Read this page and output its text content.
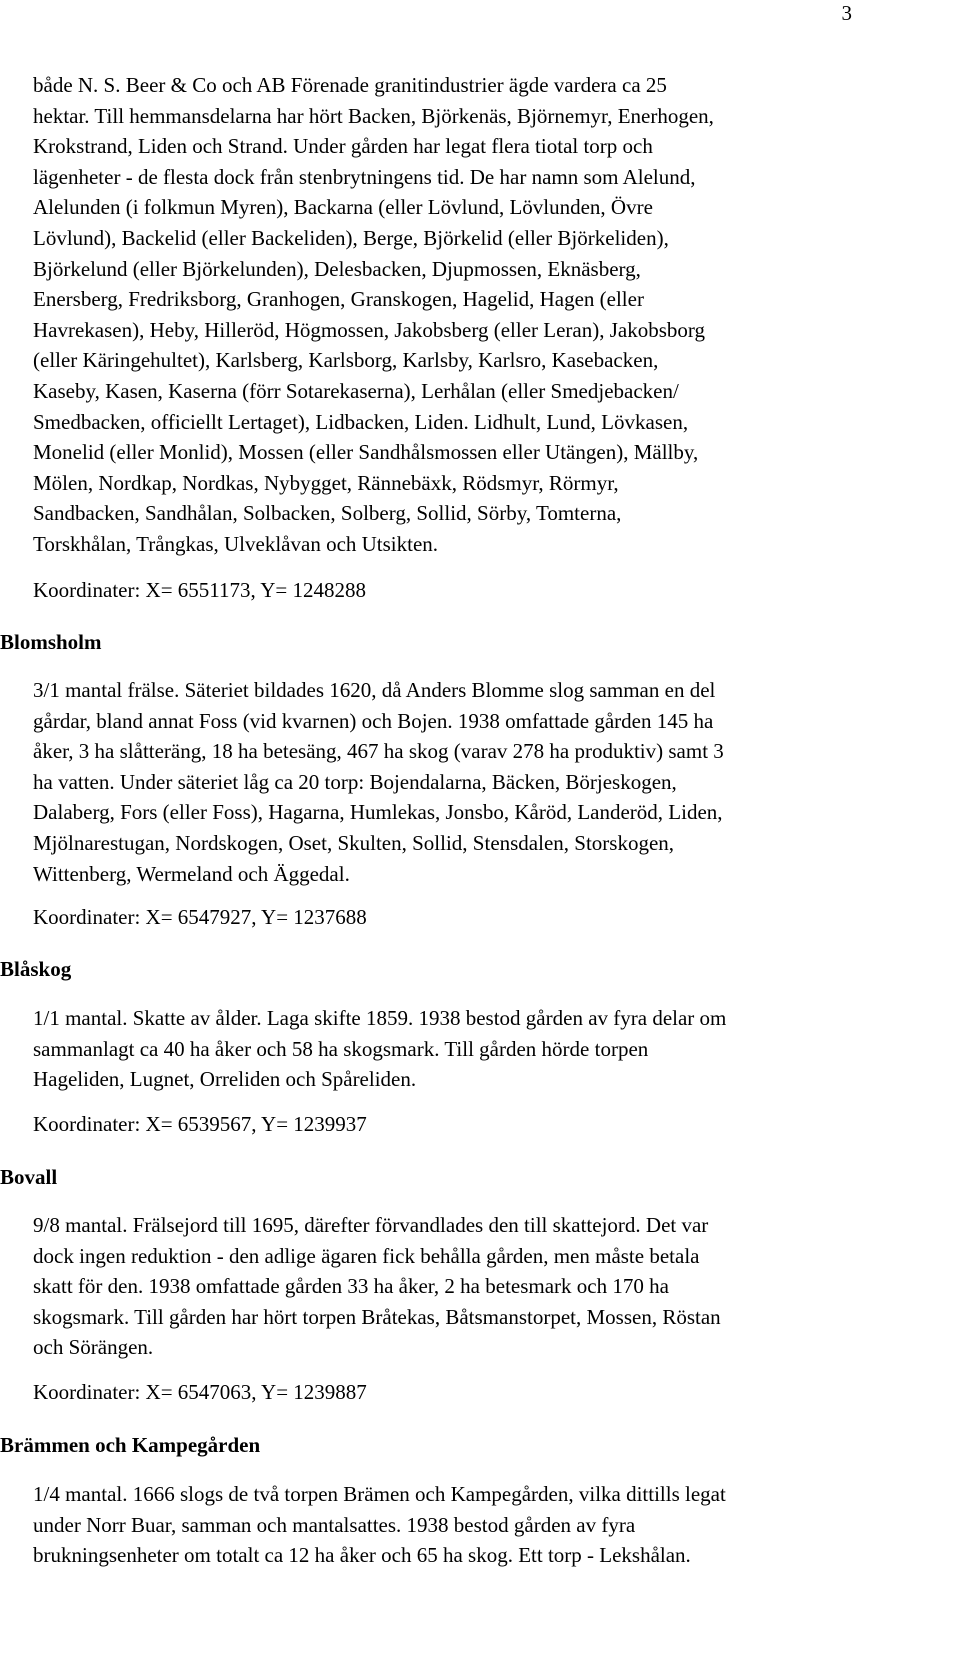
3
både N. S. Beer & Co och AB Förenade granitindustrier ägde vardera ca 25
hektar. Till hemmansdelarna har hört Backen, Björkenäs, Björnemyr, Enerhogen,
Krokstrand, Liden och Strand. Under gården har legat flera tiotal torp och
lägenheter - de flesta dock från stenbrytningens tid. De har namn som Alelund,
Alelunden (i folkmun Myren), Backarna (eller Lövlund, Lövlunden, Övre
Lövlund), Backelid (eller Backeliden), Berge, Björkelid (eller Björkeliden),
Björkelund (eller Björkelunden), Delesbacken, Djupmossen, Eknäsberg,
Enersberg, Fredriksborg, Granhogen, Granskogen, Hagelid, Hagen (eller
Havrekasen), Heby, Hilleröd, Högmossen, Jakobsberg (eller Leran), Jakobsborg
(eller Käringehultet), Karlsberg, Karlsborg, Karlsby, Karlsro, Kasebacken,
Kaseby, Kasen, Kaserna (förr Sotarekaserna), Lerhålan (eller Smedjebacken/
Smedbacken, officiellt Lertaget), Lidbacken, Liden. Lidhult, Lund, Lövkasen,
Monelid (eller Monlid), Mossen (eller Sandhålsmossen eller Utängen), Mällby,
Mölen, Nordkap, Nordkas, Nybygget, Rännebäxk, Rödsmyr, Rörmyr,
Sandbacken, Sandhålan, Solbacken, Solberg, Sollid, Sörby, Tomterna,
Torskhålan, Trångkas, Ulveklåvan och Utsikten.
Koordinater: X= 6551173, Y= 1248288
Blomsholm
3/1 mantal frälse. Säteriet bildades 1620, då Anders Blomme slog samman en del
gårdar, bland annat Foss (vid kvarnen) och Bojen. 1938 omfattade gården 145 ha
åker, 3 ha slåtteräng, 18 ha betesäng, 467 ha skog (varav 278 ha produktiv) samt 3
ha vatten. Under säteriet låg ca 20 torp: Bojendalarna, Bäcken, Börjeskogen,
Dalaberg, Fors (eller Foss), Hagarna, Humlekas, Jonsbo, Kåröd, Landeröd, Liden,
Mjölnarestugan, Nordskogen, Oset, Skulten, Sollid, Stensdalen, Storskogen,
Wittenberg, Wermeland och Äggedal.
Koordinater: X= 6547927, Y= 1237688
Blåskog
1/1 mantal. Skatte av ålder. Laga skifte 1859. 1938 bestod gården av fyra delar om
sammanlagt ca 40 ha åker och 58 ha skogsmark. Till gården hörde torpen
Hageliden, Lugnet, Orreliden och Spåreliden.
Koordinater: X= 6539567, Y= 1239937
Bovall
9/8 mantal. Frälsejord till 1695, därefter förvandlades den till skattejord. Det var
dock ingen reduktion - den adlige ägaren fick behålla gården, men måste betala
skatt för den. 1938 omfattade gården 33 ha åker, 2 ha betesmark och 170 ha
skogsmark. Till gården har hört torpen Bråtekas, Båtsmanstorpet, Mossen, Röstan
och Sörängen.
Koordinater: X= 6547063, Y= 1239887
Brämmen och Kampegården
1/4 mantal. 1666 slogs de två torpen Brämen och Kampegården, vilka dittills legat
under Norr Buar, samman och mantalsattes. 1938 bestod gården av fyra
brukningsenheter om totalt ca 12 ha åker och 65 ha skog. Ett torp - Lekshålan.
